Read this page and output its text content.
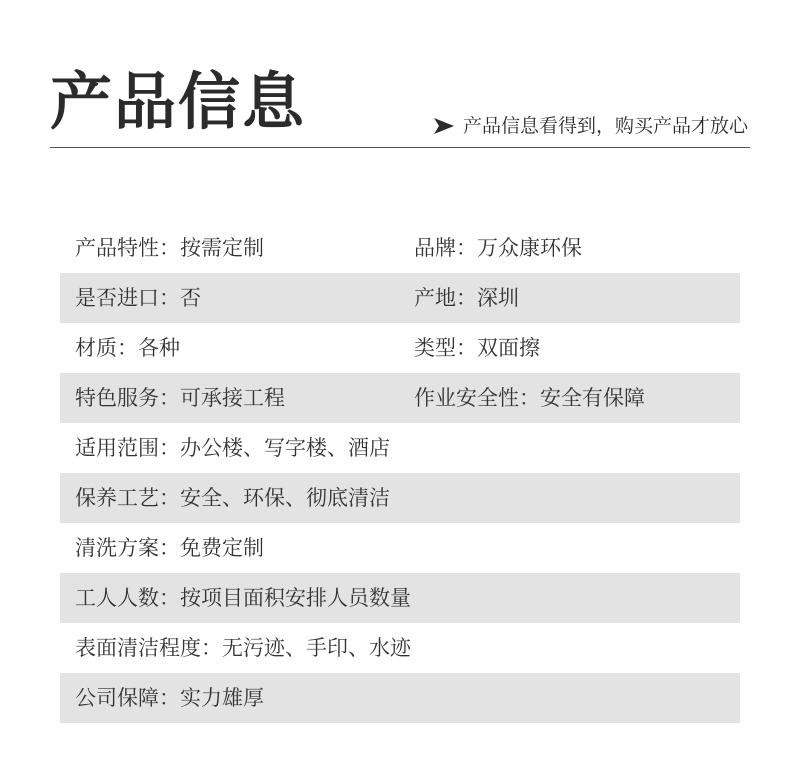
产品信息	产品信息看得到，购买产品才放心
产品特性：按需定制	品牌：万众康环保
是否进口：否	产地：深圳
材质：各种	类型：双面擦
特色服务：可承接工程	作业安全性：安全有保障
适用范围：办公楼、写字楼、酒店
保养工艺：安全、环保、彻底清洁
清洗方案：免费定制
工人人数：按项目面积安排人员数量
表面清洁程度：无污迹、手印、水迹
公司保障：实力雄厚
